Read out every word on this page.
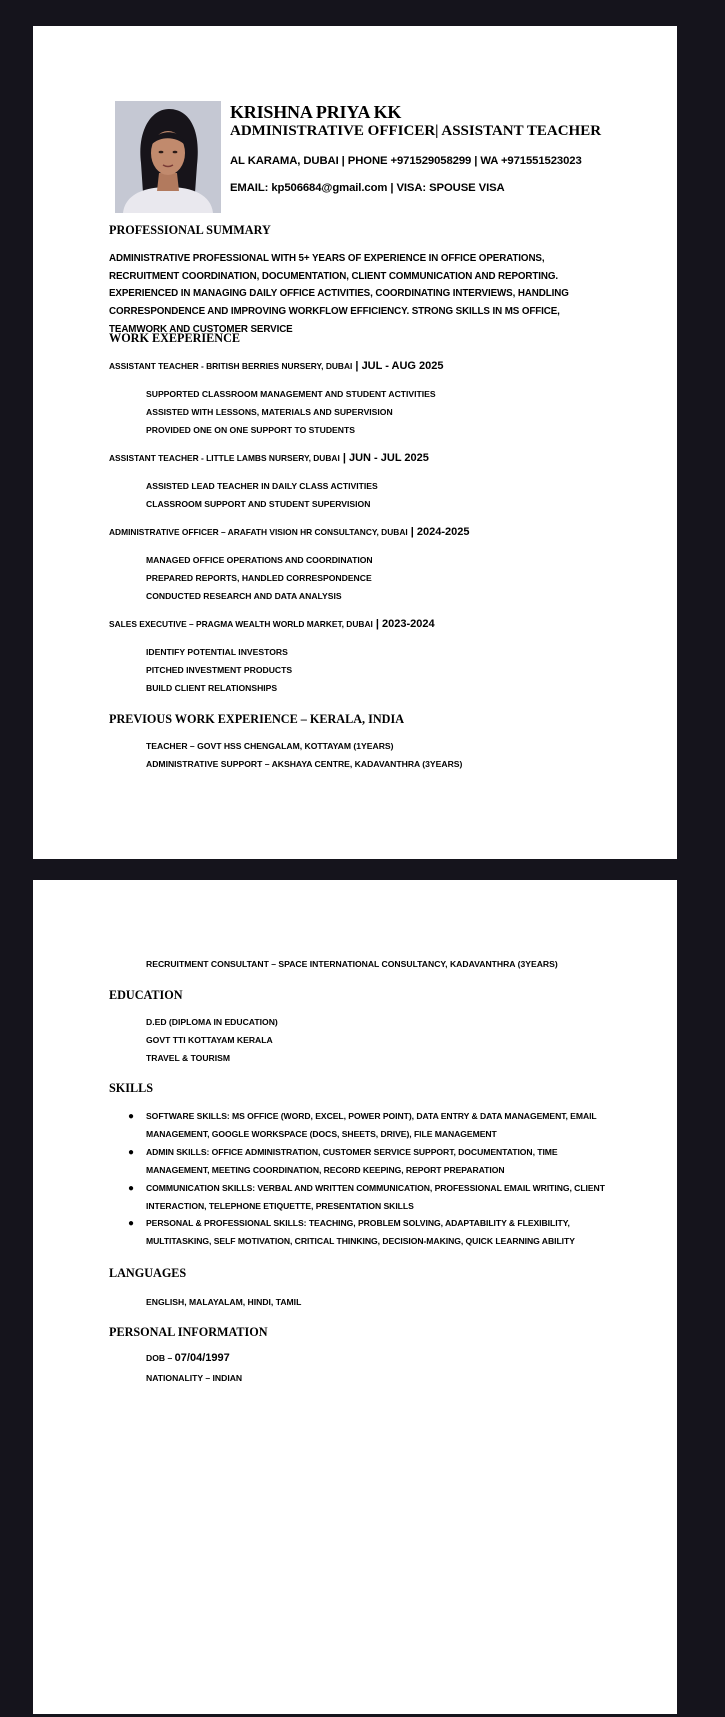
KRISHNA PRIYA KK
ADMINISTRATIVE OFFICER| ASSISTANT TEACHER
AL KARAMA, DUBAI | PHONE +971529058299 | WA +971551523023
EMAIL: kp506684@gmail.com | VISA: SPOUSE VISA
PROFESSIONAL SUMMARY
ADMINISTRATIVE PROFESSIONAL WITH 5+ YEARS OF EXPERIENCE IN OFFICE OPERATIONS, RECRUITMENT COORDINATION, DOCUMENTATION, CLIENT COMMUNICATION AND REPORTING. EXPERIENCED IN MANAGING DAILY OFFICE ACTIVITIES, COORDINATING INTERVIEWS, HANDLING CORRESPONDENCE AND IMPROVING WORKFLOW EFFICIENCY. STRONG SKILLS IN MS OFFICE, TEAMWORK AND CUSTOMER SERVICE
WORK EXEPERIENCE
ASSISTANT TEACHER - BRITISH BERRIES NURSERY, DUBAI | JUL - AUG 2025
SUPPORTED CLASSROOM MANAGEMENT AND STUDENT ACTIVITIES
ASSISTED WITH LESSONS, MATERIALS AND SUPERVISION
PROVIDED ONE ON ONE SUPPORT TO STUDENTS
ASSISTANT TEACHER - LITTLE LAMBS NURSERY, DUBAI | JUN - JUL 2025
ASSISTED LEAD TEACHER IN DAILY CLASS ACTIVITIES
CLASSROOM SUPPORT AND STUDENT SUPERVISION
ADMINISTRATIVE OFFICER – ARAFATH VISION HR CONSULTANCY, DUBAI | 2024-2025
MANAGED OFFICE OPERATIONS AND COORDINATION
PREPARED REPORTS, HANDLED CORRESPONDENCE
CONDUCTED RESEARCH AND DATA ANALYSIS
SALES EXECUTIVE – PRAGMA WEALTH WORLD MARKET, DUBAI | 2023-2024
IDENTIFY POTENTIAL INVESTORS
PITCHED INVESTMENT PRODUCTS
BUILD CLIENT RELATIONSHIPS
PREVIOUS WORK EXPERIENCE – KERALA, INDIA
TEACHER – GOVT HSS CHENGALAM, KOTTAYAM (1YEARS)
ADMINISTRATIVE SUPPORT – AKSHAYA CENTRE, KADAVANTHRA (3YEARS)
RECRUITMENT CONSULTANT – SPACE INTERNATIONAL CONSULTANCY, KADAVANTHRA (3YEARS)
EDUCATION
D.ED (DIPLOMA IN EDUCATION)
GOVT TTI KOTTAYAM KERALA
TRAVEL & TOURISM
SKILLS
● SOFTWARE SKILLS: MS OFFICE (WORD, EXCEL, POWER POINT), DATA ENTRY & DATA MANAGEMENT, EMAIL MANAGEMENT, GOOGLE WORKSPACE (DOCS, SHEETS, DRIVE), FILE MANAGEMENT
● ADMIN SKILLS: OFFICE ADMINISTRATION, CUSTOMER SERVICE SUPPORT, DOCUMENTATION, TIME MANAGEMENT, MEETING COORDINATION, RECORD KEEPING, REPORT PREPARATION
● COMMUNICATION SKILLS: VERBAL AND WRITTEN COMMUNICATION, PROFESSIONAL EMAIL WRITING, CLIENT INTERACTION, TELEPHONE ETIQUETTE, PRESENTATION SKILLS
● PERSONAL & PROFESSIONAL SKILLS: TEACHING, PROBLEM SOLVING, ADAPTABILITY & FLEXIBILITY, MULTITASKING, SELF MOTIVATION, CRITICAL THINKING, DECISION-MAKING, QUICK LEARNING ABILITY
LANGUAGES
ENGLISH, MALAYALAM, HINDI, TAMIL
PERSONAL INFORMATION
DOB – 07/04/1997
NATIONALITY – INDIAN
